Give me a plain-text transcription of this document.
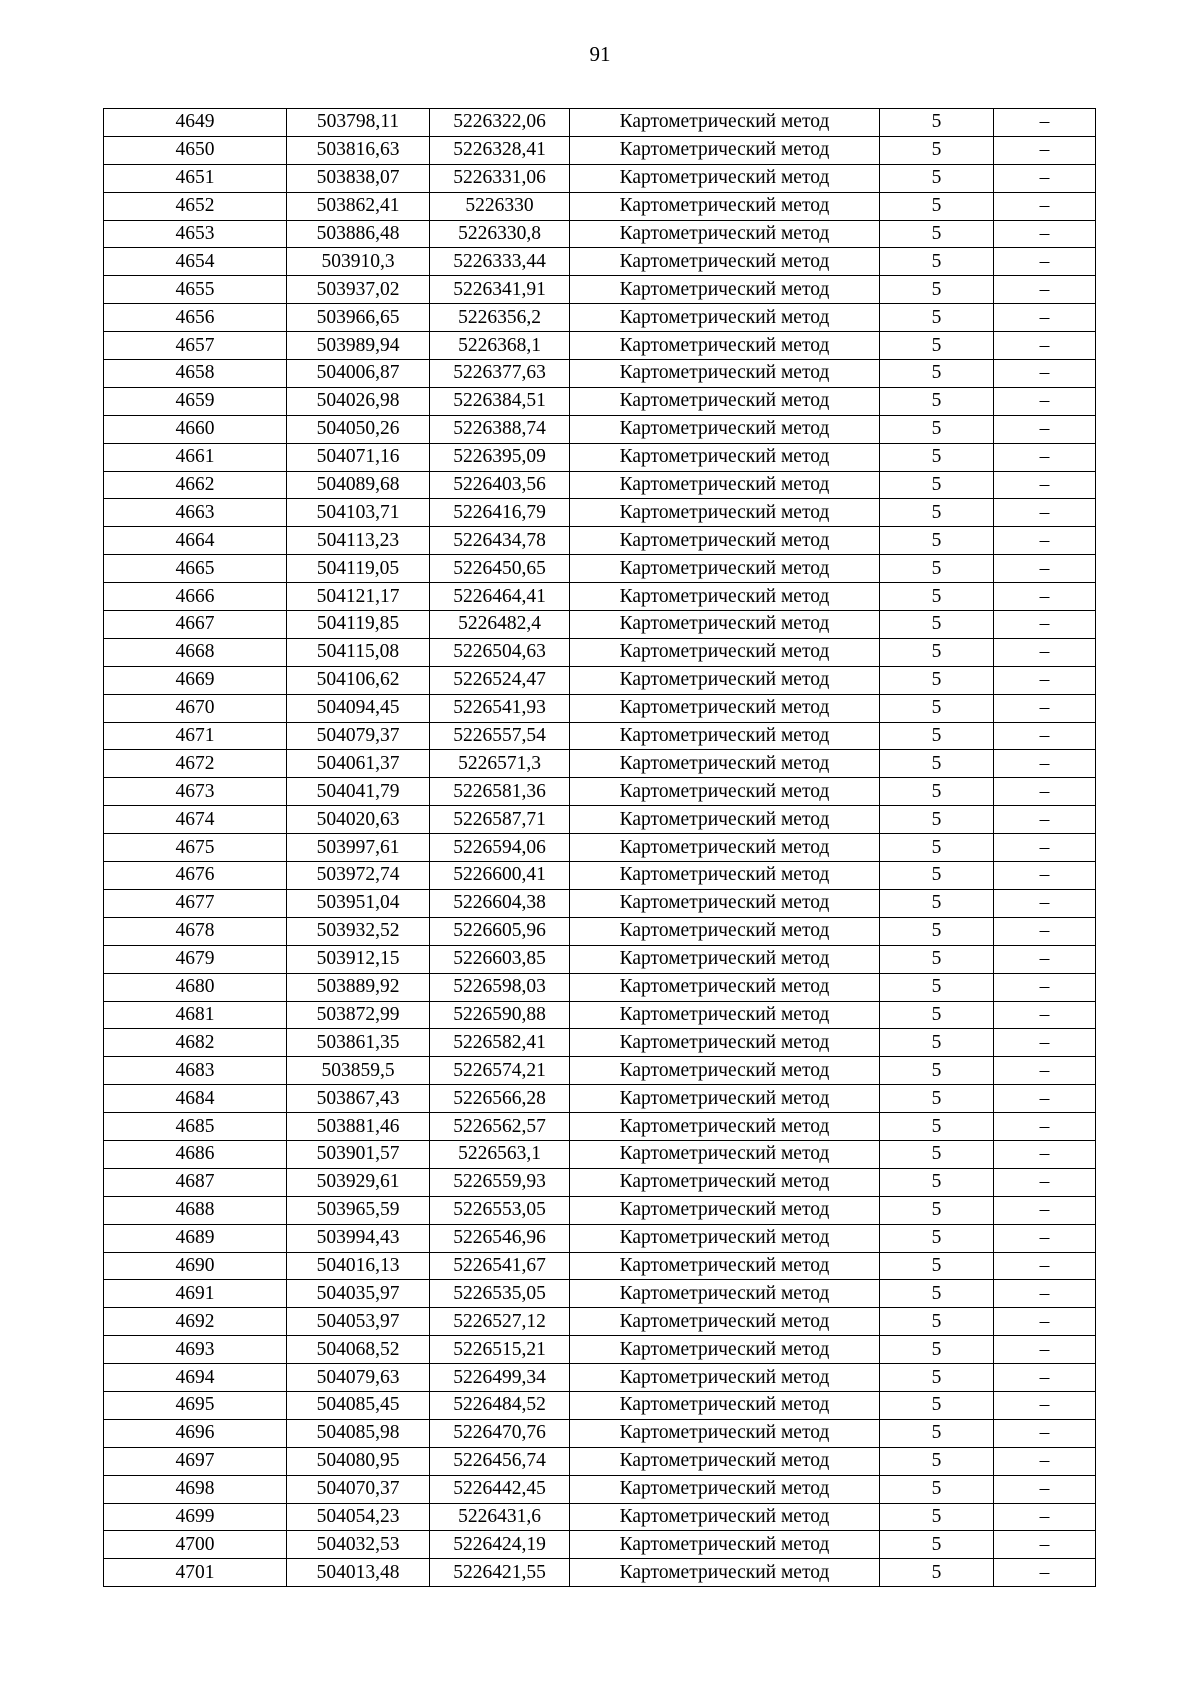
91
4649	503798,11	5226322,06	Картометрический метод	5	–
4650	503816,63	5226328,41	Картометрический метод	5	–
4651	503838,07	5226331,06	Картометрический метод	5	–
4652	503862,41	5226330	Картометрический метод	5	–
4653	503886,48	5226330,8	Картометрический метод	5	–
4654	503910,3	5226333,44	Картометрический метод	5	–
4655	503937,02	5226341,91	Картометрический метод	5	–
4656	503966,65	5226356,2	Картометрический метод	5	–
4657	503989,94	5226368,1	Картометрический метод	5	–
4658	504006,87	5226377,63	Картометрический метод	5	–
4659	504026,98	5226384,51	Картометрический метод	5	–
4660	504050,26	5226388,74	Картометрический метод	5	–
4661	504071,16	5226395,09	Картометрический метод	5	–
4662	504089,68	5226403,56	Картометрический метод	5	–
4663	504103,71	5226416,79	Картометрический метод	5	–
4664	504113,23	5226434,78	Картометрический метод	5	–
4665	504119,05	5226450,65	Картометрический метод	5	–
4666	504121,17	5226464,41	Картометрический метод	5	–
4667	504119,85	5226482,4	Картометрический метод	5	–
4668	504115,08	5226504,63	Картометрический метод	5	–
4669	504106,62	5226524,47	Картометрический метод	5	–
4670	504094,45	5226541,93	Картометрический метод	5	–
4671	504079,37	5226557,54	Картометрический метод	5	–
4672	504061,37	5226571,3	Картометрический метод	5	–
4673	504041,79	5226581,36	Картометрический метод	5	–
4674	504020,63	5226587,71	Картометрический метод	5	–
4675	503997,61	5226594,06	Картометрический метод	5	–
4676	503972,74	5226600,41	Картометрический метод	5	–
4677	503951,04	5226604,38	Картометрический метод	5	–
4678	503932,52	5226605,96	Картометрический метод	5	–
4679	503912,15	5226603,85	Картометрический метод	5	–
4680	503889,92	5226598,03	Картометрический метод	5	–
4681	503872,99	5226590,88	Картометрический метод	5	–
4682	503861,35	5226582,41	Картометрический метод	5	–
4683	503859,5	5226574,21	Картометрический метод	5	–
4684	503867,43	5226566,28	Картометрический метод	5	–
4685	503881,46	5226562,57	Картометрический метод	5	–
4686	503901,57	5226563,1	Картометрический метод	5	–
4687	503929,61	5226559,93	Картометрический метод	5	–
4688	503965,59	5226553,05	Картометрический метод	5	–
4689	503994,43	5226546,96	Картометрический метод	5	–
4690	504016,13	5226541,67	Картометрический метод	5	–
4691	504035,97	5226535,05	Картометрический метод	5	–
4692	504053,97	5226527,12	Картометрический метод	5	–
4693	504068,52	5226515,21	Картометрический метод	5	–
4694	504079,63	5226499,34	Картометрический метод	5	–
4695	504085,45	5226484,52	Картометрический метод	5	–
4696	504085,98	5226470,76	Картометрический метод	5	–
4697	504080,95	5226456,74	Картометрический метод	5	–
4698	504070,37	5226442,45	Картометрический метод	5	–
4699	504054,23	5226431,6	Картометрический метод	5	–
4700	504032,53	5226424,19	Картометрический метод	5	–
4701	504013,48	5226421,55	Картометрический метод	5	–
